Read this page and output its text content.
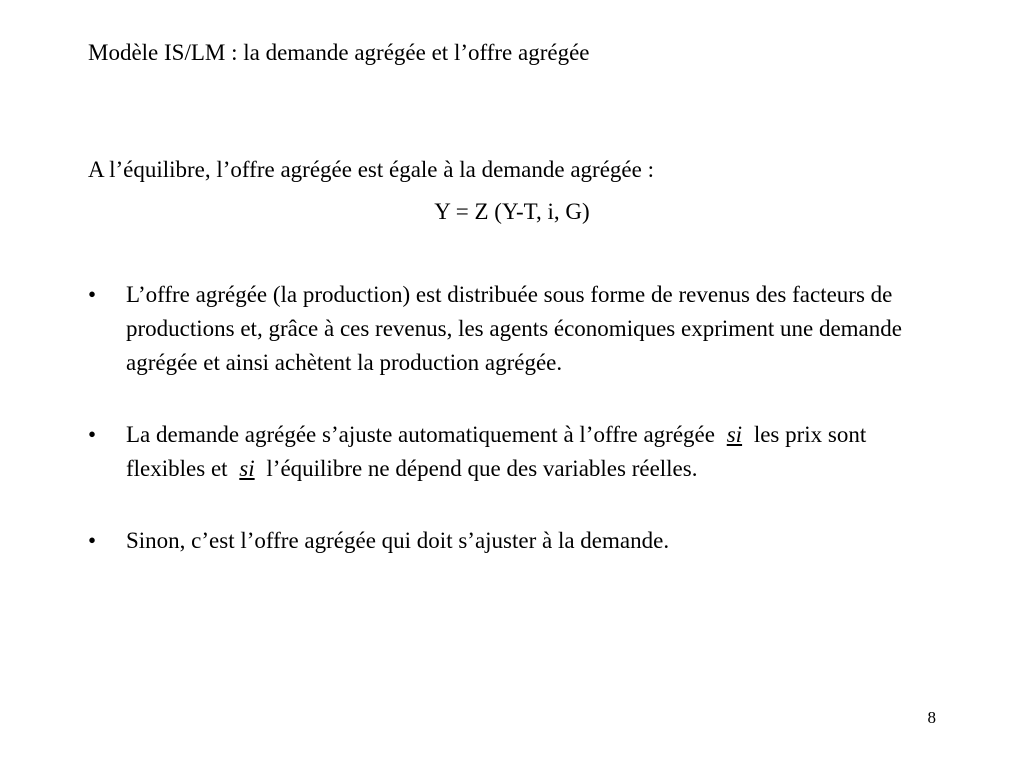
Modèle IS/LM : la demande agrégée et l’offre agrégée
A l’équilibre, l’offre agrégée est égale à la demande agrégée :
Y = Z (Y-T, i, G)
• L’offre agrégée (la production) est distribuée sous forme de revenus des facteurs de productions et, grâce à ces revenus, les agents économiques expriment une demande agrégée et ainsi achètent la production agrégée.
• La demande agrégée s’ajuste automatiquement à l’offre agrégée si les prix sont flexibles et si l’équilibre ne dépend que des variables réelles.
• Sinon, c’est l’offre agrégée qui doit s’ajuster à la demande.
8
